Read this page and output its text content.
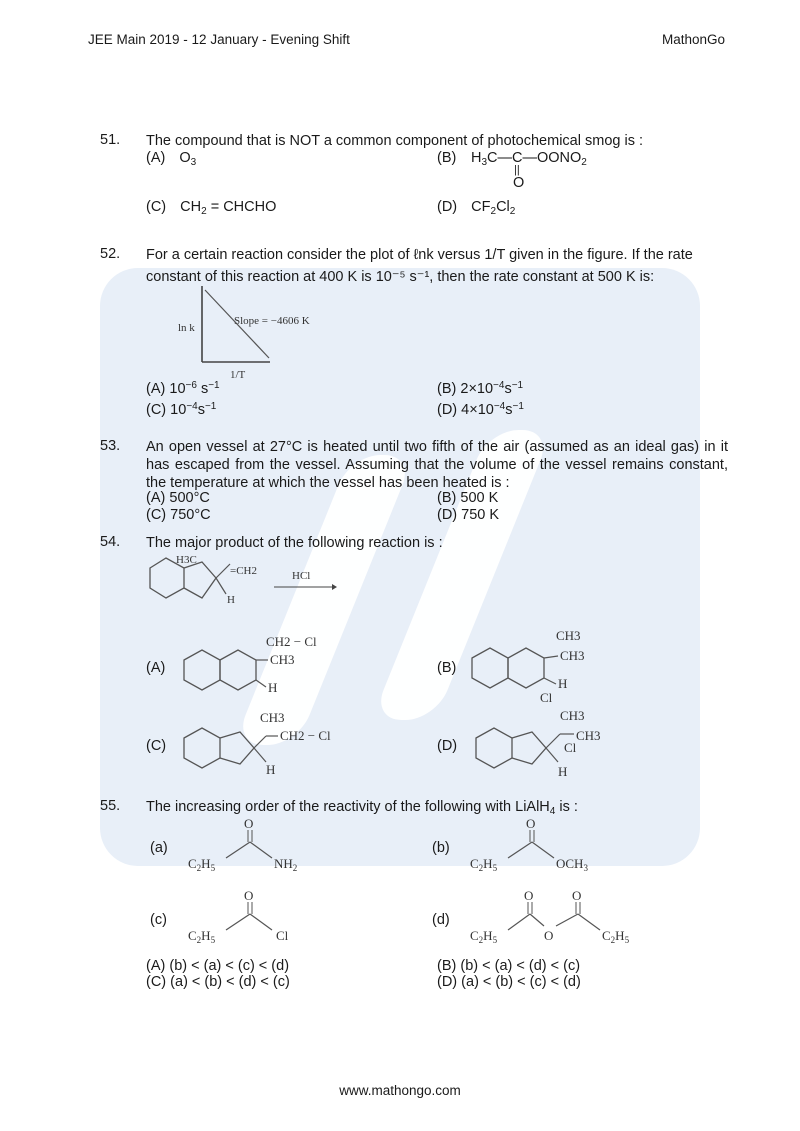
JEE Main 2019 - 12 January - Evening Shift	MathonGo
51. The compound that is NOT a common component of photochemical smog is :
(A) $O_3$	(B) $H_3C—C—OONO_2$
||
O
(C) $CH_2$ = CHCHO	(D) $CF_2Cl_2$
52. For a certain reaction consider the plot of ℓnk versus 1/T given in the figure. If the rate
constant of this reaction at 400 K is 10⁻⁵ s⁻¹, then the rate constant at 500 K is:
ln k
1/T
Slope = −4606 K
(A) $10^{-6}$ $s^{-1}$	(B) $2\times 10^{-4}s^{-1}$
(C) $10^{-4}s^{-1}$	(D) $4\times 10^{-4}s^{-1}$
53. An open vessel at 27°C is heated until two fifth of the air (assumed as an ideal gas) in it has escaped from the vessel. Assuming that the volume of the vessel remains constant, the temperature at which the vessel has been heated is :
(A) 500°C	(B) 500 K
(C) 750°C	(D) 750 K
54. The major product of the following reaction is :
H3C
=CH2
H
HCl
(A)
CH2 − Cl
CH3
H
(B)
CH3
CH3
H
Cl
(C)
CH3
CH2 − Cl
H
(D)
CH3
CH3
Cl
H
55. The increasing order of the reactivity of the following with LiAlH$_4$ is :
(a)
O
$C_2H_5$	$NH_2$
(b)
O
$C_2H_5$	$OCH_3$
(c)
O
$C_2H_5$	Cl
(d)
O
O
O
$C_2H_5$	$C_2H_5$
(A) (b) < (a) < (c) < (d)	(B) (b) < (a) < (d) < (c)
(C) (a) < (b) < (d) < (c)	(D) (a) < (b) < (c) < (d)
www.mathongo.com
